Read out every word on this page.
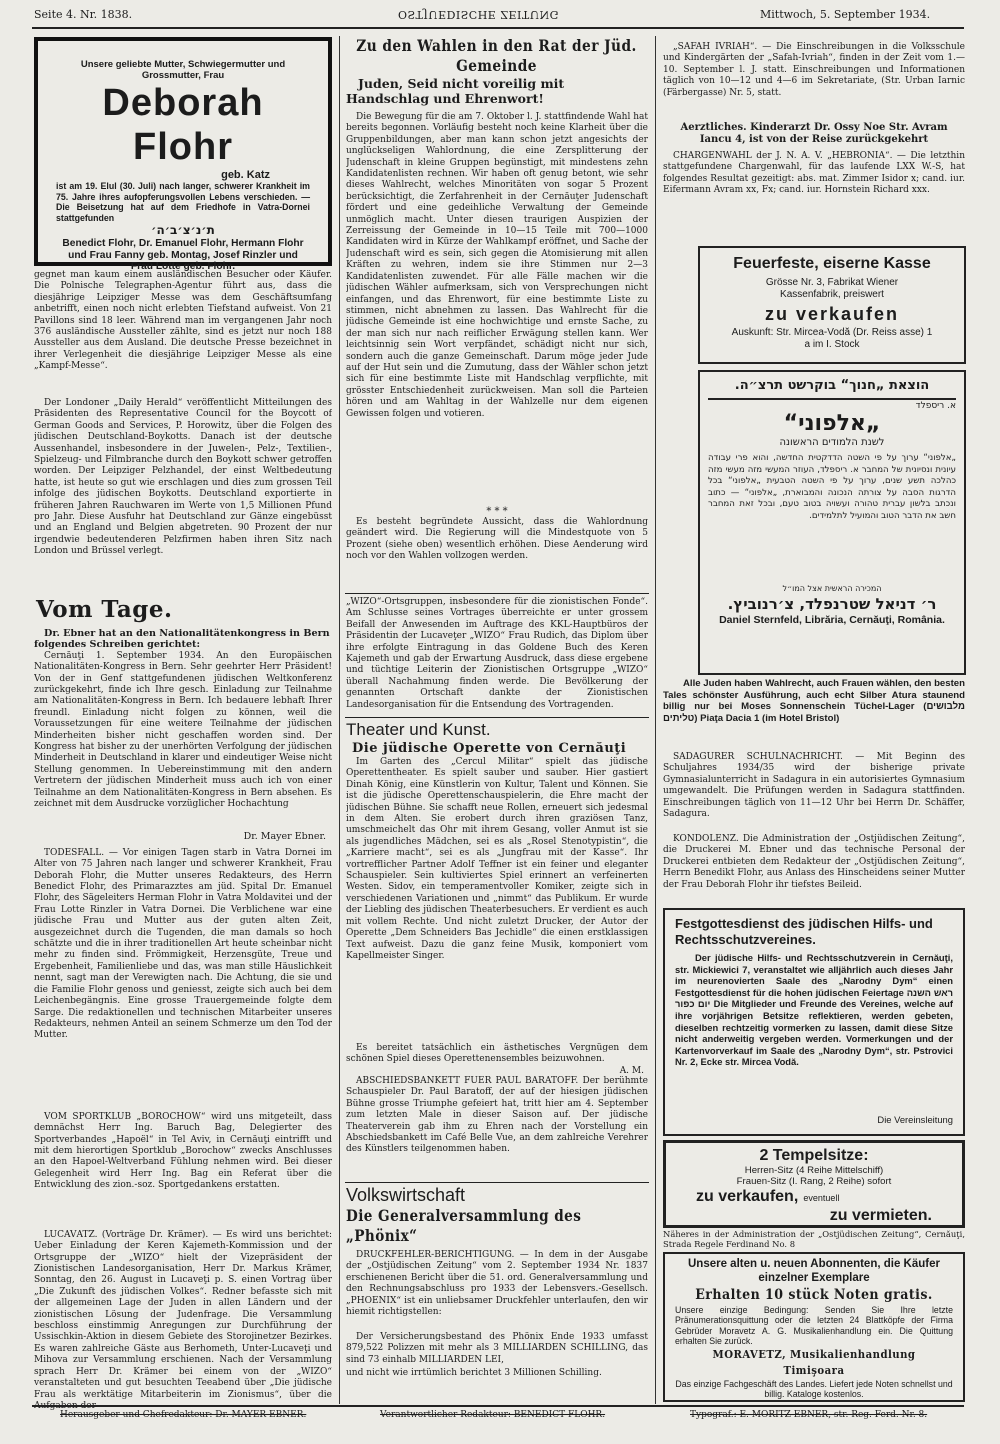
Seite 4. Nr. 1838.	OSTJUEDISCHE ZEITUNG	Mittwoch, 5. September 1934.
Unsere geliebte Mutter, Schwiegermutter und Grossmutter, Frau
Deborah Flohr
geb. Katz
ist am 19. Elul (30. Juli) nach langer, schwerer Krankheit im 75. Jahre ihres aufopferungsvollen Lebens verschieden. — Die Beisetzung hat auf dem Friedhofe in Vatra-Dornei stattgefunden
ת׳נ׳צ׳ב׳ה׳
Benedict Flohr, Dr. Emanuel Flohr, Hermann Flohr und Frau Fanny geb. Montag, Josef Rinzler und Frau Lotte geb. Flohr.

gegnet man kaum einem ausländischen Besucher oder Käufer. Die Polnische Telegraphen-Agentur führt aus, dass die diesjährige Leipziger Messe was dem Geschäftsumfang anbetrifft, einen noch nicht erlebten Tiefstand aufweist. Von 21 Pavillons sind 18 leer. Während man im vergangenen Jahr noch 376 ausländische Aussteller zählte, sind es jetzt nur noch 188 Aussteller aus dem Ausland. Die deutsche Presse bezeichnet in ihrer Verlegenheit die diesjährige Leipziger Messe als eine „Kampf-Messe“.

Der Londoner „Daily Herald“ veröffentlicht Mitteilungen des Präsidenten des Representative Council for the Boycott of German Goods and Services, P. Horowitz, über die Folgen des jüdischen Deutschland-Boykotts. Danach ist der deutsche Aussenhandel, insbesondere in der Juwelen-, Pelz-, Textilien-, Spielzeug- und Filmbranche durch den Boykott schwer getroffen worden. Der Leipziger Pelzhandel, der einst Weltbedeutung hatte, ist heute so gut wie erschlagen und dies zum grossen Teil infolge des jüdischen Boykotts. Deutschland exportierte in früheren Jahren Rauchwaren im Werte von 1,5 Millionen Pfund pro Jahr. Diese Ausfuhr hat Deutschland zur Gänze eingebüsst und an England und Belgien abgetreten. 90 Prozent der nur irgendwie bedeutenderen Pelzfirmen haben ihren Sitz nach London und Brüssel verlegt.

Vom Tage.
Dr. Ebner hat an den Nationalitätenkongress in Bern folgendes Schreiben gerichtet:

Cernăuţi 1. September 1934. An den Europäischen Nationalitäten-Kongress in Bern. Sehr geehrter Herr Präsident! Von der in Genf stattgefundenen jüdischen Weltkonferenz zurückgekehrt, finde ich Ihre gesch. Einladung zur Teilnahme am Nationalitäten-Kongress in Bern. Ich bedauere lebhaft Ihrer freundl. Einladung nicht folgen zu können, weil die Voraussetzungen für eine weitere Teilnahme der jüdischen Minderheiten bisher nicht geschaffen worden sind. Der Kongress hat bisher zu der unerhörten Verfolgung der jüdischen Minderheit in Deutschland in klarer und eindeutiger Weise nicht Stellung genommen. In Uebereinstimmung mit den andern Vertretern der jüdischen Minderheit muss auch ich von einer Teilnahme an dem Nationalitäten-Kongress in Bern absehen. Es zeichnet mit dem Ausdrucke vorzüglicher Hochachtung

Dr. Mayer Ebner.

TODESFALL. — Vor einigen Tagen starb in Vatra Dornei im Alter von 75 Jahren nach langer und schwerer Krankheit, Frau Deborah Flohr, die Mutter unseres Redakteurs, des Herrn Benedict Flohr, des Primarazztes am jüd. Spital Dr. Emanuel Flohr, des Sägeleiters Herman Flohr in Vatra Moldavitei und der Frau Lotte Rinzler in Vatra Dornei. Die Verblichene war eine jüdische Frau und Mutter aus der guten alten Zeit, ausgezeichnet durch die Tugenden, die man damals so hoch schätzte und die in ihrer traditionellen Art heute scheinbar nicht mehr zu finden sind. Frömmigkeit, Herzensgüte, Treue und Ergebenheit, Familienliebe und das, was man stille Häuslichkeit nennt, sagt man der Verewigten nach. Die Achtung, die sie und die Familie Flohr genoss und geniesst, zeigte sich auch bei dem Leichenbegängnis. Eine grosse Trauergemeinde folgte dem Sarge. Die redaktionellen und technischen Mitarbeiter unseres Redakteurs, nehmen Anteil an seinem Schmerze um den Tod der Mutter.

VOM SPORTKLUB „BOROCHOW“ wird uns mitgeteilt, dass demnächst Herr Ing. Baruch Bag, Delegierter des Sportverbandes „Hapoël“ in Tel Aviv, in Cernăuţi eintrifft und mit dem hierortigen Sportklub „Borochow“ zwecks Anschlusses an den Hapoel-Weltverband Fühlung nehmen wird. Bei dieser Gelegenheit wird Herr Ing. Bag ein Referat über die Entwicklung des zion.-soz. Sportgedankens erstatten.

LUCAVĂTZ. (Vorträge Dr. Krämer). — Es wird uns berichtet: Ueber Einladung der Keren Kajemeth-Kommission und der Ortsgruppe der „WIZO“ hielt der Vizepräsident der Zionistischen Landesorganisation, Herr Dr. Markus Krämer, Sonntag, den 26. August in Lucaveţi p. S. einen Vortrag über „Die Zukunft des jüdischen Volkes“. Redner befasste sich mit der allgemeinen Lage der Juden in allen Ländern und der zionistischen Lösung der Judenfrage. Die Versammlung beschloss einstimmig Anregungen zur Durchführung der Ussischkin-Aktion in diesem Gebiete des Storojinetzer Bezirkes. Es waren zahlreiche Gäste aus Berhometh, Unter-Lucaveţi und Mihova zur Versammlung erschienen. Nach der Versammlung sprach Herr Dr. Krämer bei einem von der „WIZO“ veranstalteten und gut besuchten Teeabend über „Die jüdische Frau als werktätige Mitarbeiterin im Zionismus“, über die

Zu den Wahlen in den Rat der Jüd. Gemeinde
Juden, Seid nicht voreilig mit Handschlag und Ehrenwort!

Die Bewegung für die am 7. Oktober l. J. stattfindende Wahl hat bereits begonnen. Vorläufig besteht noch keine Klarheit über die Gruppenbildungen, aber man kann schon jetzt angesichts der unglückseligen Wahlordnung, die eine Zersplitterung der Judenschaft in kleine Gruppen begünstigt, mit mindestens zehn Kandidatenlisten rechnen. Wir haben oft genug betont, wie sehr dieses Wahlrecht, welches Minoritäten von sogar 5 Prozent berücksichtigt, die Zerfahrenheit in der Cernăuţer Judenschaft fördert und eine gedeihliche Verwaltung der Gemeinde unmöglich macht. Unter diesen traurigen Auspizien der Zerreissung der Gemeinde in 10—15 Teile mit 700—1000 Kandidaten wird in Kürze der Wahlkampf eröffnet, und Sache der Judenschaft wird es sein, sich gegen die Atomisierung mit allen Kräften zu wehren, indem sie ihre Stimmen nur 2—3 Kandidatenlisten zuwendet. Für alle Fälle machen wir die jüdischen Wähler aufmerksam, sich von Versprechungen nicht einfangen, und das Ehrenwort, für eine bestimmte Liste zu stimmen, nicht abnehmen zu lassen. Das Wahlrecht für die jüdische Gemeinde ist eine hochwichtige und ernste Sache, zu der man sich nur nach reiflicher Erwägung stellen kann. Wer leichtsinnig sein Wort verpfändet, schädigt nicht nur sich, sondern auch die ganze Gemeinschaft. Darum möge jeder Jude auf der Hut sein und die Zumutung, dass der Wähler schon jetzt sich für eine bestimmte Liste mit Handschlag verpflichte, mit grösster Entschiedenheit zurückweisen. Man soll die Parteien hören und am Wahltag in der Wahlzelle nur dem eigenen Gewissen folgen und votieren.

* * *

Es besteht begründete Aussicht, dass die Wahlordnung geändert wird. Die Regierung will die Mindestquote von 5 Prozent (siehe oben) wesentlich erhöhen. Diese Aenderung wird noch vor den Wahlen vollzogen werden.

„WIZO“-Ortsgruppen, insbesondere für die zionistischen Fonde“. Am Schlusse seines Vortrages überreichte er unter grossem Beifall der Anwesenden im Auftrage des KKL-Hauptbüros der Präsidentin der Lucaveţer „WIZO“ Frau Rudich, das Diplom über ihre erfolgte Eintragung in das Goldene Buch des Keren Kajemeth und gab der Erwartung Ausdruck, dass diese ergebene und tüchtige Leiterin der Zionistischen Ortsgruppe „WIZO“ überall Nachahmung finden werde. Die Bevölkerung der genannten Ortschaft dankte der Zionistischen Landesorganisation für die Entsendung des Vortragenden.

Theater und Kunst.
Die jüdische Operette von Cernăuţi

Im Garten des „Cercul Militar“ spielt das jüdische Operettentheater. Es spielt sauber und sauber. Hier gastiert Dinah König, eine Künstlerin von Kultur, Talent und Können. Sie ist die jüdische Operettenschauspielerin, die Ehre macht der jüdischen Bühne. Sie schafft neue Rollen, erneuert sich jedesmal in dem Alten. Sie erobert durch ihren graziösen Tanz, umschmeichelt das Ohr mit ihrem Gesang, voller Anmut ist sie als jugendliches Mädchen, sei es als „Rosel Stenotypistin“, die „Karriere macht“, sei es als „Jungfrau mit der Kasse“. Ihr vortrefflicher Partner Adolf Teffner ist ein feiner und eleganter Schauspieler. Sein kultiviertes Spiel erinnert an verfeinerten Westen. Sidov, ein temperamentvoller Komiker, zeigte sich in verschiedenen Variationen und „nimmt“ das Publikum. Er wurde der Liebling des jüdischen Theaterbesuchers. Er verdient es auch mit vollem Rechte. Und nicht zuletzt Drucker, der Autor der Operette „Dem Schneiders Bas Jechidle“ die einen erstklassigen Text aufweist. Dazu die ganz feine Musik, komponiert vom Kapellmeister Singer.

Es bereitet tatsächlich ein ästhetisches Vergnügen dem schönen Spiel dieses Operettenensembles beizuwohnen.

A. M.

ABSCHIEDSBANKETT FUER PAUL BARATOFF. Der berühmte Schauspieler Dr. Paul Baratoff, der auf der hiesigen jüdischen Bühne grosse Triumphe gefeiert hat, tritt hier am 4. September zum letzten Male in dieser Saison auf. Der jüdische Theaterverein gab ihm zu Ehren nach der Vorstellung ein Abschiedsbankett im Café Belle Vue, an dem zahlreiche Verehrer des Künstlers teilgenommen haben.

Volkswirtschaft
Die Generalversammlung des „Phönix“

DRUCKFEHLER-BERICHTIGUNG. — In dem in der Ausgabe der „Ostjüdischen Zeitung“ vom 2. September 1934 Nr. 1837 erschienenen Bericht über die 51. ord. Generalversammlung und den Rechnungsabschluss pro 1933 der Lebensvers.-Gesellsch. „PHOENIX“ ist ein unliebsamer Druckfehler unterlaufen, den wir hiemit richtigstellen:

Der Versicherungsbestand des Phönix Ende 1933 umfasst 879,522 Polizzen mit mehr als 3 MILLIARDEN SCHILLING, das sind 73 einhalb MILLIARDEN LEI,

und nicht wie irrtümlich berichtet 3 Millionen Schilling.

„SAFAH IVRIAH“. — Die Einschreibungen in die Volksschule und Kindergärten der „Safah-Ivriah“, finden in der Zeit vom 1.—10. September l. J. statt. Einschreibungen und Informationen täglich von 10—12 und 4—6 im Sekretariate, (Str. Urban Iarnic (Färbergasse) Nr. 5, statt.

Aerztliches. Kinderarzt Dr. Ossy Noe Str. Avram Iancu 4, ist von der Reise zurückgekehrt

CHARGENWAHL der J. N. A. V. „HEBRONIA“. — Die letzthin stattgefundene Chargenwahl, für das laufende LXX W.-S, hat folgendes Resultat gezeitigt: abs. mat. Zimmer Isidor x; cand. iur. Eifermann Avram xx, Fx; cand. iur. Hornstein Richard xxx.

Feuerfeste, eiserne Kasse
Grösse Nr. 3, Fabrikat Wiener Kassenfabrik, preiswert
zu verkaufen
Auskunft: Str. Mircea-Vodă (Dr. Reiss asse) 1 a im I. Stock
הוצאת „חנוך“ בוקרשט תרצ״ה.
א. ריספלד
„אלפוני“
לשנת הלמודים הראשונה
„אלפוני“ ערוך על פי השטה הדדקטית החדשה, והוא פרי עבודה עיונית ונסיונית של המחבר א. ריספלד, העוזר המעשי מזה מעשי מזה כהלכה תשע שנים, ערוך על פי השטה הטבעית „אלפוני“ בכל הדרגות הסבה על צורתה הנכונה והמבוארת, „אלפוני“ — כתוב ונכתב בלשון עברית טהורה ועשויה בטוב טעם, ובכל זאת המחבר חשב את הדבר הטוב והמועיל לתלמידים.
המכירה הראשית אצל המו״ל
ר׳ דניאל שטרנפלד, צ׳רנוביץ.
Daniel Sternfeld, Librăria, Cernăuţi, România.
Alle Juden haben Wahlrecht, auch Frauen wählen, den besten Tales schönster Ausführung, auch echt Silber Atura staunend billig nur bei Moses Sonnenschein Tüchel-Lager (מלבושים טליתים) Piaţa Dacia 1 (im Hotel Bristol)

SADAGURER SCHULNACHRICHT. — Mit Beginn des Schuljahres 1934/35 wird der bisherige private Gymnasialunterricht in Sadagura in ein autorisiertes Gymnasium umgewandelt. Die Prüfungen werden in Sadagura stattfinden. Einschreibungen täglich von 11—12 Uhr bei Herrn Dr. Schäffer, Sadagura.

KONDOLENZ. Die Administration der „Ostjüdischen Zeitung“, die Druckerei M. Ebner und das technische Personal der Druckerei entbieten dem Redakteur der „Ostjüdischen Zeitung“, Herrn Benedikt Flohr, aus Anlass des Hinscheidens seiner Mutter der Frau Deborah Flohr ihr tiefstes Beileid.

Festgottesdienst des jüdischen Hilfs- und Rechtsschutzvereines.
Der jüdische Hilfs- und Rechtsschutzverein in Cernăuţi, str. Mickiewici 7, veranstaltet wie alljährlich auch dieses Jahr im neurenovierten Saale des „Narodny Dym“ einen Festgottesdienst für die hohen jüdischen Feiertage ראש השנה יום כפור Die Mitglieder und Freunde des Vereines, welche auf ihre vorjährigen Betsitze reflektieren, werden gebeten, dieselben rechtzeitig vormerken zu lassen, damit diese Sitze nicht anderweitig vergeben werden. Vormerkungen und der Kartenvorverkauf im Saale des „Narodny Dym“, str. Pstrovici Nr. 2, Ecke str. Mircea Vodă.
Die Vereinsleitung
2 Tempelsitze:
Herren-Sitz (4 Reihe Mittelschiff)
Frauen-Sitz (I. Rang, 2 Reihe) sofort
zu verkaufen, eventuell
zu vermieten.
Näheres in der Administration der „Ostjüdischen Zeitung“, Cernăuţi, Strada Regele Ferdinand No. 8
Unsere alten u. neuen Abonnenten, die Käufer einzelner Exemplare
Erhalten 10 stück Noten gratis.
Unsere einzige Bedingung: Senden Sie Ihre letzte Pränumerationsquittung oder die letzten 24 Blattköpfe der Firma Gebrüder Moravetz A. G. Musikalienhandlung ein. Die Quittung erhalten Sie zurück.
MORAVETZ, Musikalienhandlung Timişoara
Das einzige Fachgeschäft des Landes. Liefert jede Noten schnellst und billig. Kataloge kostenlos.
Herausgeber und Chefredakteur: Dr. MAYER EBNER.	Verantwortlicher Redakteur: BENEDICT FLOHR.	Typograf.: E. MORITZ EBNER, str. Reg. Ferd. Nr. 8.
